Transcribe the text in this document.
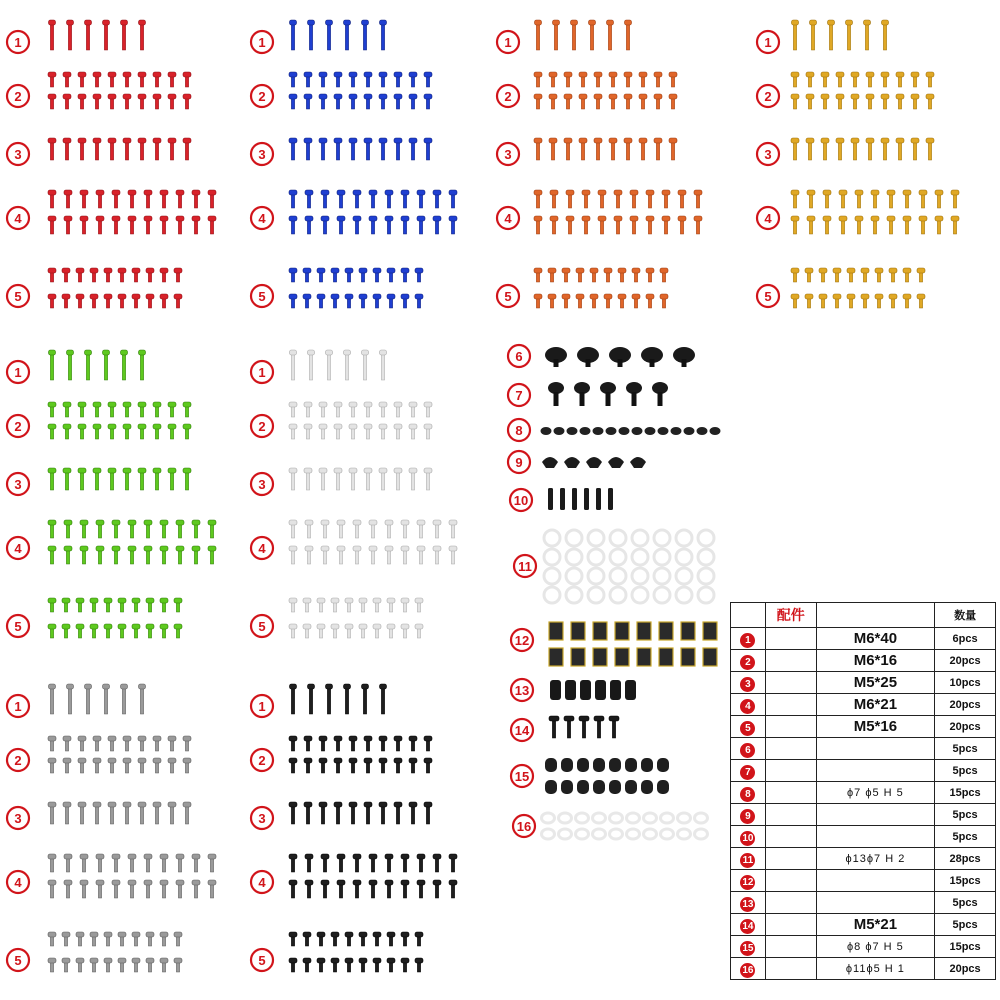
1
2
3
4
5
1
2
3
4
5
1
2
3
4
5
1
2
3
4
5
1
2
3
4
5
1
2
3
4
5
1
2
3
4
5
1
2
3
4
5
6
7
8
9
10
11
12
13
14
15
16
	配件		数量
1		M6*40	6pcs
2		M6*16	20pcs
3		M5*25	10pcs
4		M6*21	20pcs
5		M5*16	20pcs
6			5pcs
7			5pcs
8		ϕ7 ϕ5 H 5	15pcs
9			5pcs
10			5pcs
11		ϕ13ϕ7 H 2	28pcs
12			15pcs
13			5pcs
14		M5*21	5pcs
15		ϕ8 ϕ7 H 5	15pcs
16		ϕ11ϕ5 H 1	20pcs
